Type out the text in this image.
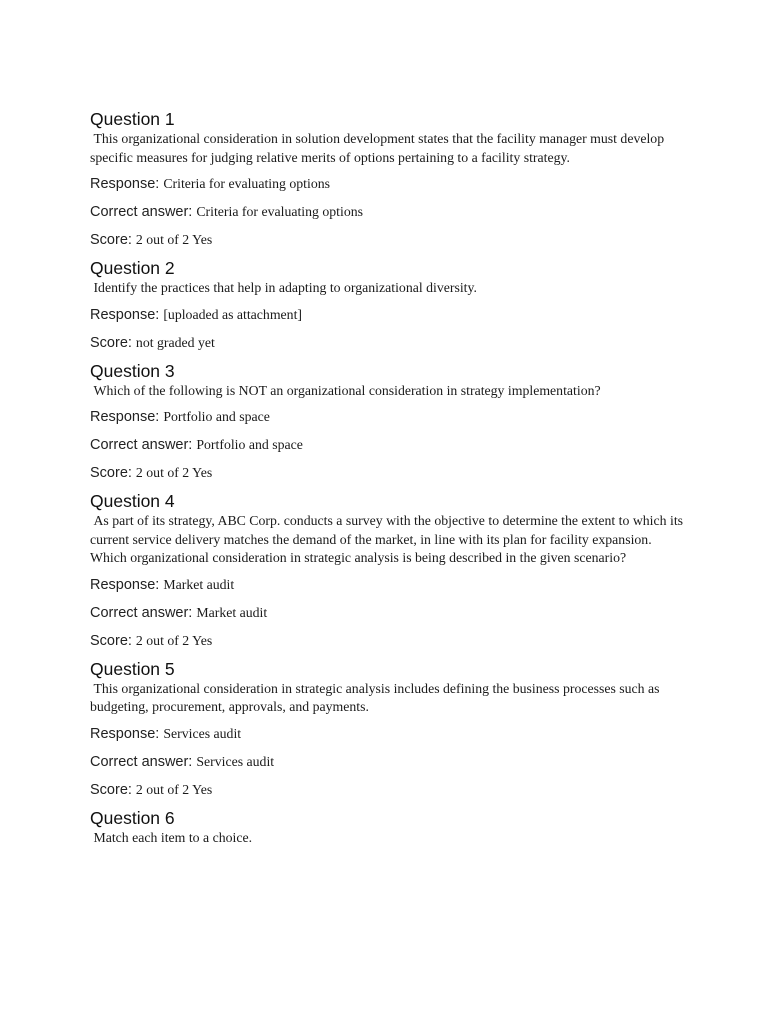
Question 1
This organizational consideration in solution development states that the facility manager must develop specific measures for judging relative merits of options pertaining to a facility strategy.
Response: Criteria for evaluating options
Correct answer: Criteria for evaluating options
Score: 2 out of 2 Yes
Question 2
Identify the practices that help in adapting to organizational diversity.
Response: [uploaded as attachment]
Score: not graded yet
Question 3
Which of the following is NOT an organizational consideration in strategy implementation?
Response: Portfolio and space
Correct answer: Portfolio and space
Score: 2 out of 2 Yes
Question 4
As part of its strategy, ABC Corp. conducts a survey with the objective to determine the extent to which its current service delivery matches the demand of the market, in line with its plan for facility expansion. Which organizational consideration in strategic analysis is being described in the given scenario?
Response: Market audit
Correct answer: Market audit
Score: 2 out of 2 Yes
Question 5
This organizational consideration in strategic analysis includes defining the business processes such as budgeting, procurement, approvals, and payments.
Response: Services audit
Correct answer: Services audit
Score: 2 out of 2 Yes
Question 6
Match each item to a choice.
